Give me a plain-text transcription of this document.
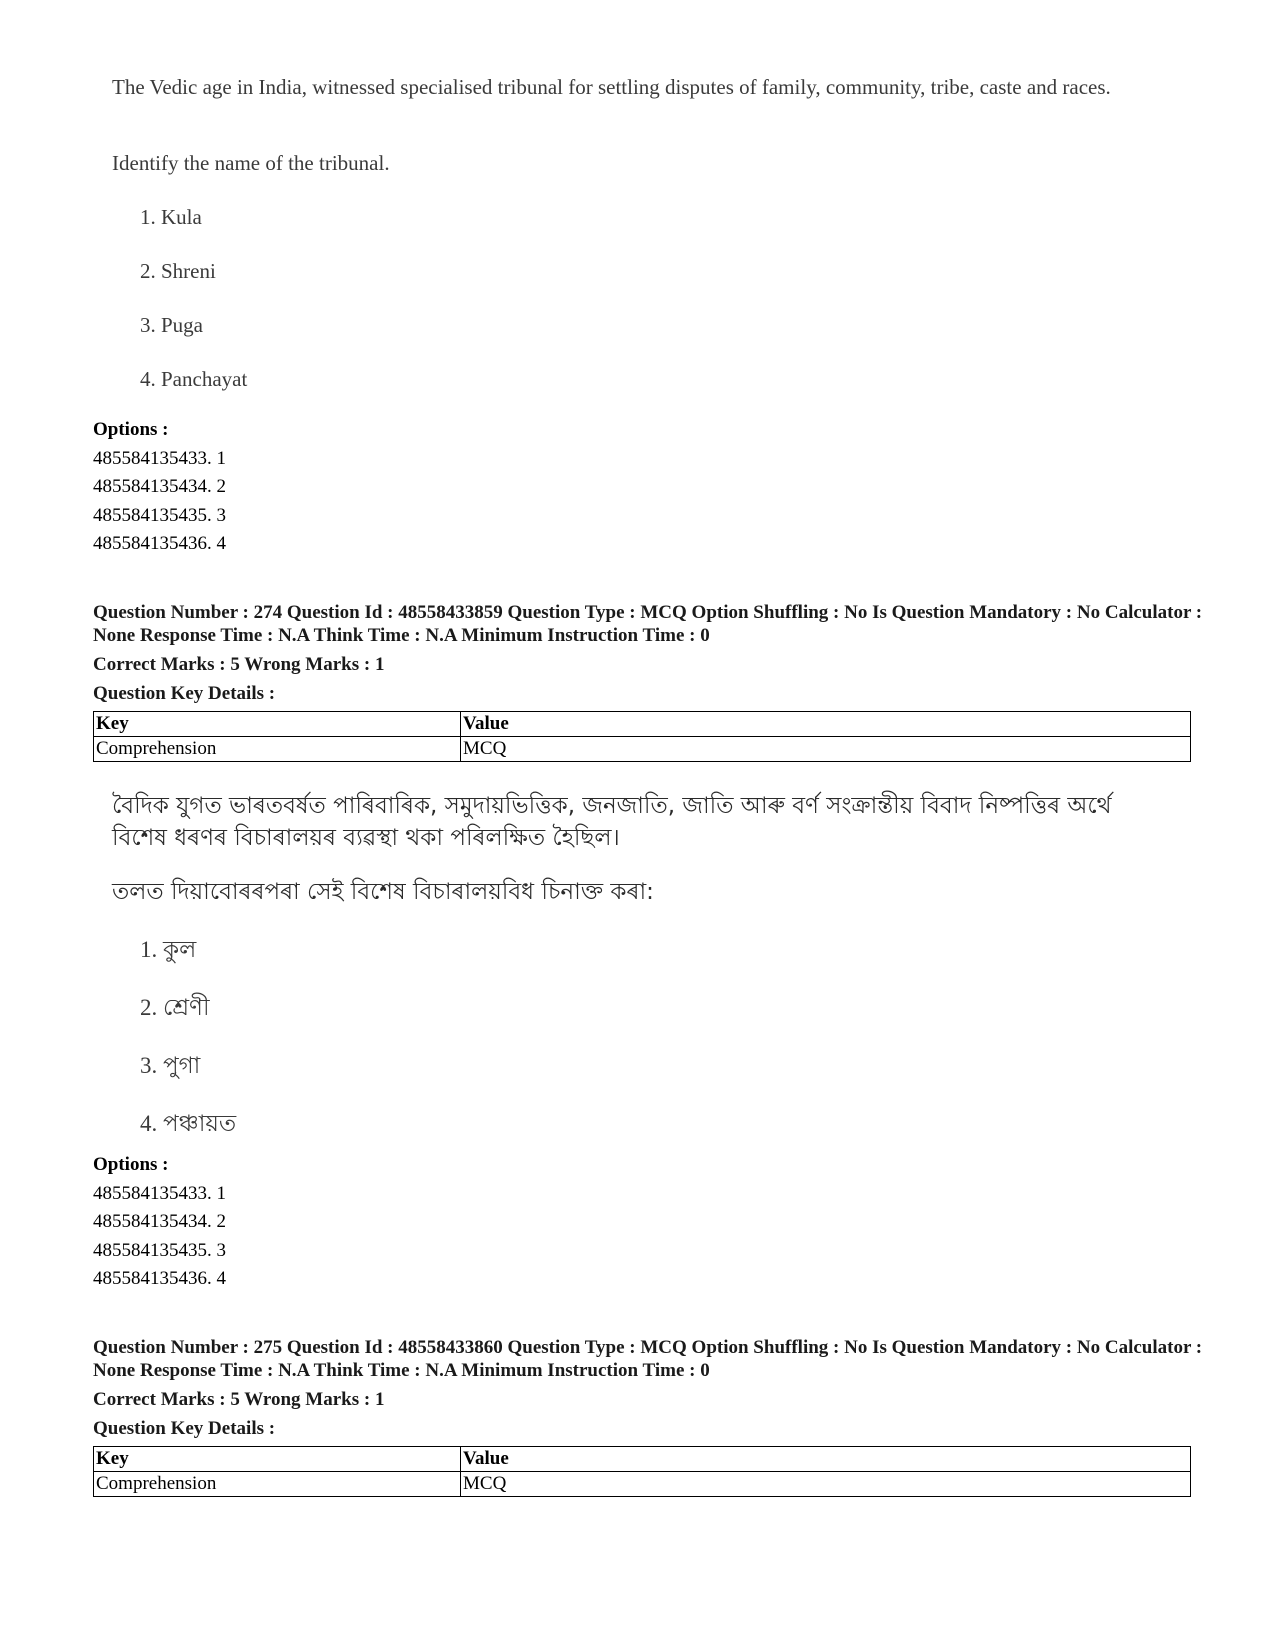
The Vedic age in India, witnessed specialised tribunal for settling disputes of family, community, tribe, caste and races.

Identify the name of the tribunal.

1. Kula
2. Shreni
3. Puga
4. Panchayat
Options :
485584135433. 1
485584135434. 2
485584135435. 3
485584135436. 4
Question Number : 274 Question Id : 48558433859 Question Type : MCQ Option Shuffling : No Is Question Mandatory : No Calculator : None Response Time : N.A Think Time : N.A Minimum Instruction Time : 0
Correct Marks : 5 Wrong Marks : 1
Question Key Details :
Key	Value
Comprehension	MCQ

বৈদিক যুগত ভাৰতবৰ্ষত পাৰিবাৰিক, সমুদায়ভিত্তিক, জনজাতি, জাতি আৰু বৰ্ণ সংক্ৰান্তীয় বিবাদ নিষ্পত্তিৰ অৰ্থে বিশেষ ধৰণৰ বিচাৰালয়ৰ ব্যৱস্থা থকা পৰিলক্ষিত হৈছিল।

তলত দিয়াবোৰৰপৰা সেই বিশেষ বিচাৰালয়বিধ চিনাক্ত কৰা:

1. কুল
2. শ্ৰেণী
3. পুগা
4. পঞ্চায়ত
Options :
485584135433. 1
485584135434. 2
485584135435. 3
485584135436. 4
Question Number : 275 Question Id : 48558433860 Question Type : MCQ Option Shuffling : No Is Question Mandatory : No Calculator : None Response Time : N.A Think Time : N.A Minimum Instruction Time : 0
Correct Marks : 5 Wrong Marks : 1
Question Key Details :
Key	Value
Comprehension	MCQ
